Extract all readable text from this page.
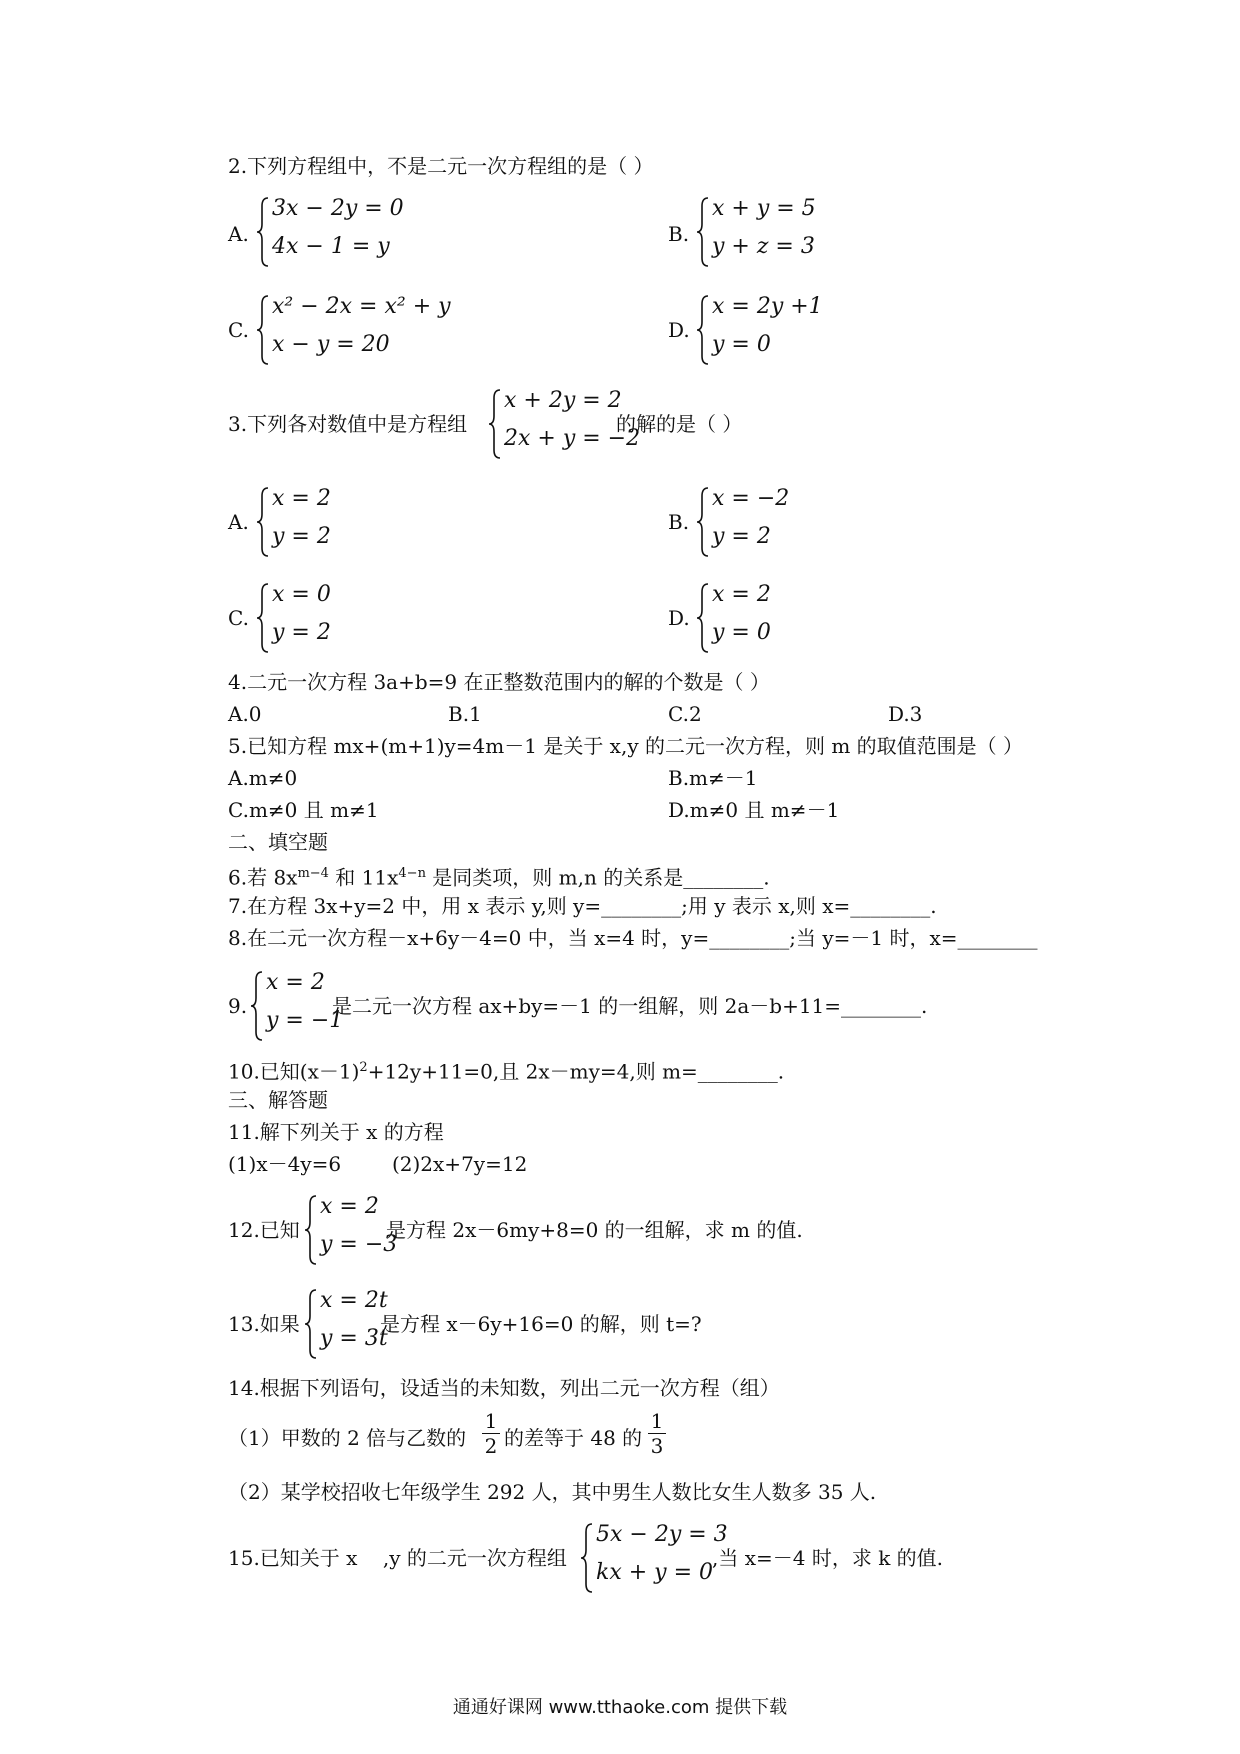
2.下列方程组中，不是二元一次方程组的是（ ）
A.
3x − 2y = 0
4x − 1 = y	B.
x + y = 5
y + z = 3
C.
x² − 2x = x² + y
x − y = 20
D.
x = 2y +1
y = 0
3.下列各对数值中是方程组
x + 2y = 2
2x + y = −2
的解的是（ ）
A.
x = 2
y = 2
B.
x = −2
y = 2
C.
x = 0
y = 2
D.
x = 2
y = 0
4.二元一次方程 3a+b=9 在正整数范围内的解的个数是（ ）
A.0	B.1	C.2	D.3
5.已知方程 mx+(m+1)y=4m－1 是关于 x,y 的二元一次方程，则 m 的取值范围是（ ）
A.m≠0	B.m≠－1
C.m≠0 且 m≠1	D.m≠0 且 m≠－1
二、填空题
6.若 $8x^{m-4}$ 和 $11x^{4-n}$ 是同类项，则 m,n 的关系是________.
7.在方程 3x+y=2 中，用 x 表示 y,则 y=________;用 y 表示 x,则 x=________.
8.在二元一次方程－x+6y－4=0 中，当 x=4 时，y=________;当 y=－1 时，x=________
9.
x = 2
y = −1
是二元一次方程 ax+by=－1 的一组解，则 2a－b+11=________.
10.已知$(x-1)^2+12y+11=0$,且 2x－my=4,则 m=________.
三、解答题
11.解下列关于 x 的方程
(1)x－4y=6        (2)2x+7y=12
12.已知
x = 2
y = −3
是方程 2x－6my+8=0 的一组解，求 m 的值.
13.如果
x = 2t
y = 3t
是方程 x－6y+16=0 的解，则 t=?
14.根据下列语句，设适当的未知数，列出二元一次方程（组）
（1）甲数的 2 倍与乙数的
1
2 的差等于 48 的
1
3
（2）某学校招收七年级学生 292 人，其中男生人数比女生人数多 35 人.
15.已知关于 x    ,y 的二元一次方程组
5x − 2y = 3
kx + y = 0
,当 x=－4 时，求 k 的值.
通通好课网 www.tthaoke.com 提供下载
